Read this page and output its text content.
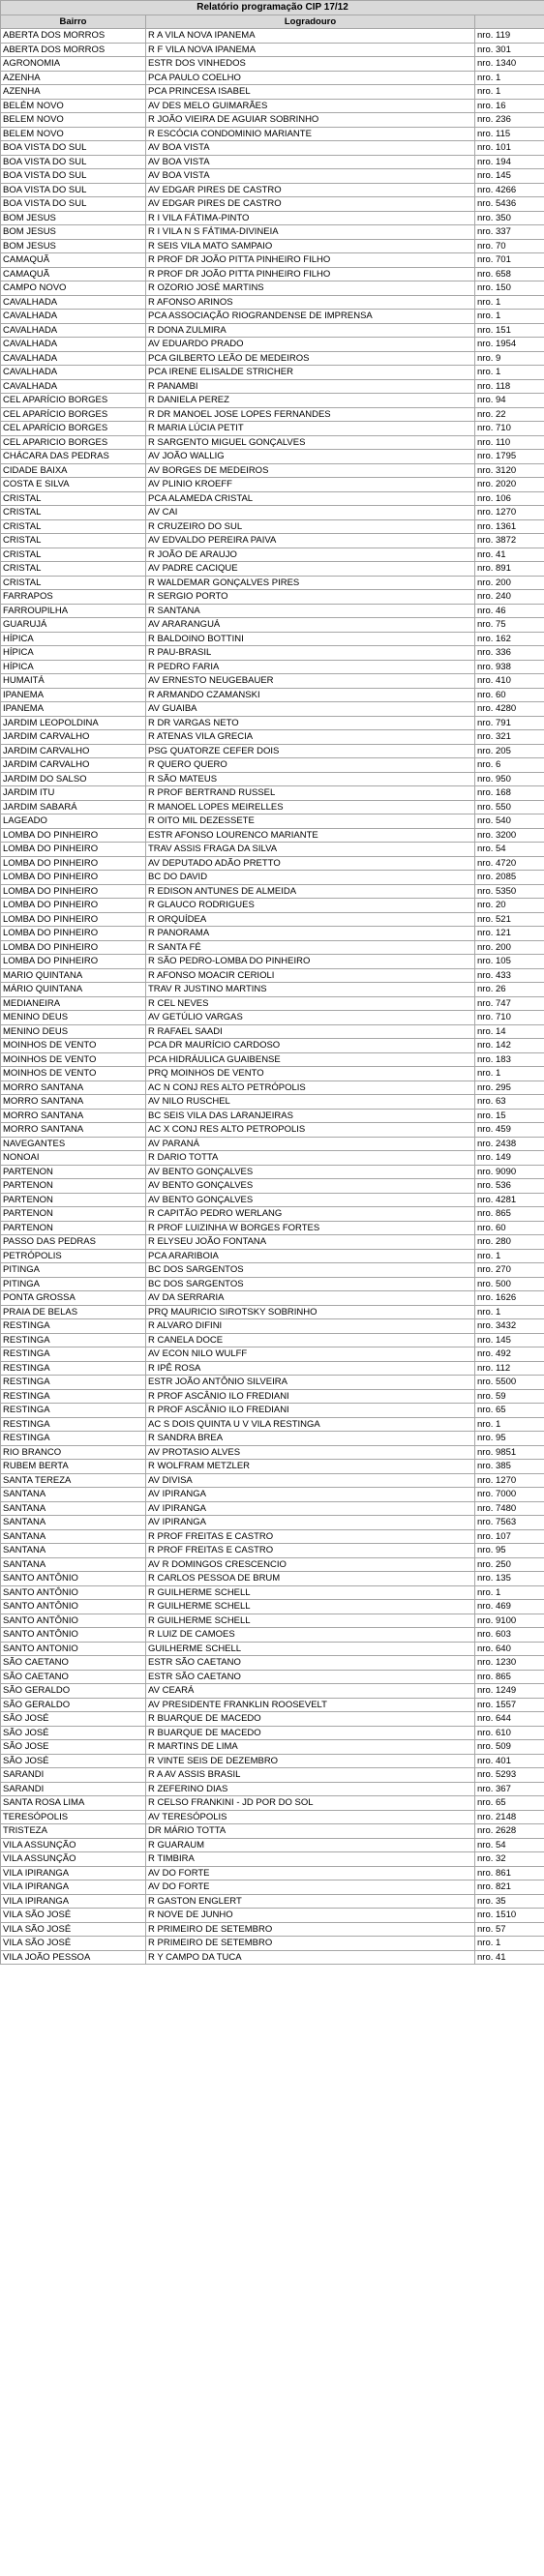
Relatório programação CIP 17/12		
Bairro	Logradouro	
ABERTA DOS MORROS	R A VILA NOVA IPANEMA	nro. 119
ABERTA DOS MORROS	R F VILA NOVA IPANEMA	nro. 301
AGRONOMIA	ESTR DOS VINHEDOS	nro. 1340
AZENHA	PCA PAULO COELHO	nro. 1
AZENHA	PCA PRINCESA ISABEL	nro. 1
BELÉM NOVO	AV DES MELO GUIMARÃES	nro. 16
BELEM NOVO	R JOÃO VIEIRA DE AGUIAR SOBRINHO	nro. 236
BELEM NOVO	R ESCÓCIA CONDOMINIO MARIANTE	nro. 115
BOA VISTA DO SUL	AV BOA VISTA	nro. 101
BOA VISTA DO SUL	AV BOA VISTA	nro. 194
BOA VISTA DO SUL	AV BOA VISTA	nro. 145
BOA VISTA DO SUL	AV EDGAR PIRES DE CASTRO	nro. 4266
BOA VISTA DO SUL	AV EDGAR PIRES DE CASTRO	nro. 5436
BOM JESUS	R I VILA FÁTIMA-PINTO	nro. 350
BOM JESUS	R I VILA N S FÁTIMA-DIVINEIA	nro. 337
BOM JESUS	R SEIS VILA MATO SAMPAIO	nro. 70
CAMAQUÃ	R PROF DR JOÃO PITTA PINHEIRO FILHO	nro. 701
CAMAQUÃ	R PROF DR JOÃO PITTA PINHEIRO FILHO	nro. 658
CAMPO NOVO	R OZORIO JOSÉ MARTINS	nro. 150
CAVALHADA	R AFONSO ARINOS	nro. 1
CAVALHADA	PCA ASSOCIAÇÃO RIOGRANDENSE DE IMPRENSA	nro. 1
CAVALHADA	R DONA ZULMIRA	nro. 151
CAVALHADA	AV EDUARDO PRADO	nro. 1954
CAVALHADA	PCA GILBERTO LEÃO DE MEDEIROS	nro. 9
CAVALHADA	PCA IRENE ELISALDE STRICHER	nro. 1
CAVALHADA	R PANAMBI	nro. 118
CEL APARÍCIO BORGES	R DANIELA PEREZ	nro. 94
CEL APARÍCIO BORGES	R DR MANOEL JOSE LOPES FERNANDES	nro. 22
CEL APARÍCIO BORGES	R MARIA LÚCIA PETIT	nro. 710
CEL APARICIO BORGES	R SARGENTO MIGUEL GONÇALVES	nro. 110
CHÁCARA DAS PEDRAS	AV JOÃO WALLIG	nro. 1795
CIDADE BAIXA	AV BORGES DE MEDEIROS	nro. 3120
COSTA E SILVA	AV PLINIO KROEFF	nro. 2020
CRISTAL	PCA ALAMEDA CRISTAL	nro. 106
CRISTAL	AV CAI	nro. 1270
CRISTAL	R CRUZEIRO DO SUL	nro. 1361
CRISTAL	AV EDVALDO PEREIRA PAIVA	nro. 3872
CRISTAL	R JOÃO DE ARAUJO	nro. 41
CRISTAL	AV PADRE CACIQUE	nro. 891
CRISTAL	R WALDEMAR GONÇALVES PIRES	nro. 200
FARRAPOS	R SERGIO PORTO	nro. 240
FARROUPILHA	R SANTANA	nro. 46
GUARUJÁ	AV ARARANGUÁ	nro. 75
HÍPICA	R BALDOINO BOTTINI	nro. 162
HÍPICA	R PAU-BRASIL	nro. 336
HÍPICA	R PEDRO FARIA	nro. 938
HUMAITÁ	AV ERNESTO NEUGEBAUER	nro. 410
IPANEMA	R ARMANDO CZAMANSKI	nro. 60
IPANEMA	AV GUAIBA	nro. 4280
JARDIM LEOPOLDINA	R DR VARGAS NETO	nro. 791
JARDIM CARVALHO	R ATENAS VILA GRECIA	nro. 321
JARDIM CARVALHO	PSG QUATORZE CEFER DOIS	nro. 205
JARDIM CARVALHO	R QUERO QUERO	nro. 6
JARDIM DO SALSO	R SÃO MATEUS	nro. 950
JARDIM ITU	R PROF BERTRAND RUSSEL	nro. 168
JARDIM SABARÁ	R MANOEL LOPES MEIRELLES	nro. 550
LAGEADO	R OITO MIL DEZESSETE	nro. 540
LOMBA DO PINHEIRO	ESTR AFONSO LOURENCO MARIANTE	nro. 3200
LOMBA DO PINHEIRO	TRAV ASSIS FRAGA DA SILVA	nro. 54
LOMBA DO PINHEIRO	AV DEPUTADO ADÃO PRETTO	nro. 4720
LOMBA DO PINHEIRO	BC DO DAVID	nro. 2085
LOMBA DO PINHEIRO	R EDISON ANTUNES DE ALMEIDA	nro. 5350
LOMBA DO PINHEIRO	R GLAUCO RODRIGUES	nro. 20
LOMBA DO PINHEIRO	R ORQUÍDEA	nro. 521
LOMBA DO PINHEIRO	R PANORAMA	nro. 121
LOMBA DO PINHEIRO	R SANTA FÉ	nro. 200
LOMBA DO PINHEIRO	R SÃO PEDRO-LOMBA DO PINHEIRO	nro. 105
MARIO QUINTANA	R AFONSO MOACIR CERIOLI	nro. 433
MÁRIO QUINTANA	TRAV R JUSTINO MARTINS	nro. 26
MEDIANEIRA	R CEL NEVES	nro. 747
MENINO DEUS	AV GETÚLIO VARGAS	nro. 710
MENINO DEUS	R RAFAEL SAADI	nro. 14
MOINHOS DE VENTO	PCA DR MAURÍCIO CARDOSO	nro. 142
MOINHOS DE VENTO	PCA HIDRÁULICA GUAIBENSE	nro. 183
MOINHOS DE VENTO	PRQ MOINHOS DE VENTO	nro. 1
MORRO SANTANA	AC N CONJ RES ALTO PETRÓPOLIS	nro. 295
MORRO SANTANA	AV NILO RUSCHEL	nro. 63
MORRO SANTANA	BC SEIS VILA DAS LARANJEIRAS	nro. 15
MORRO SANTANA	AC X CONJ RES ALTO PETROPOLIS	nro. 459
NAVEGANTES	AV PARANÁ	nro. 2438
NONOAI	R DARIO TOTTA	nro. 149
PARTENON	AV BENTO GONÇALVES	nro. 9090
PARTENON	AV BENTO GONÇALVES	nro. 536
PARTENON	AV BENTO GONÇALVES	nro. 4281
PARTENON	R CAPITÃO PEDRO WERLANG	nro. 865
PARTENON	R PROF LUIZINHA W BORGES FORTES	nro. 60
PASSO DAS PEDRAS	R ELYSEU JOÃO FONTANA	nro. 280
PETRÓPOLIS	PCA ARARIBOIA	nro. 1
PITINGA	BC DOS SARGENTOS	nro. 270
PITINGA	BC DOS SARGENTOS	nro. 500
PONTA GROSSA	AV DA SERRARIA	nro. 1626
PRAIA DE BELAS	PRQ MAURICIO SIROTSKY SOBRINHO	nro. 1
RESTINGA	R ALVARO DIFINI	nro. 3432
RESTINGA	R CANELA DOCE	nro. 145
RESTINGA	AV ECON NILO WULFF	nro. 492
RESTINGA	R IPÊ ROSA	nro. 112
RESTINGA	ESTR JOÃO ANTÔNIO SILVEIRA	nro. 5500
RESTINGA	R PROF ASCÂNIO ILO FREDIANI	nro. 59
RESTINGA	R PROF ASCÂNIO ILO FREDIANI	nro. 65
RESTINGA	AC S DOIS QUINTA U V VILA RESTINGA	nro. 1
RESTINGA	R SANDRA BREA	nro. 95
RIO BRANCO	AV PROTASIO ALVES	nro. 9851
RUBEM BERTA	R WOLFRAM METZLER	nro. 385
SANTA TEREZA	AV DIVISA	nro. 1270
SANTANA	AV IPIRANGA	nro. 7000
SANTANA	AV IPIRANGA	nro. 7480
SANTANA	AV IPIRANGA	nro. 7563
SANTANA	R PROF FREITAS E CASTRO	nro. 107
SANTANA	R PROF FREITAS E CASTRO	nro. 95
SANTANA	AV R DOMINGOS CRESCENCIO	nro. 250
SANTO ANTÔNIO	R CARLOS PESSOA DE BRUM	nro. 135
SANTO ANTÔNIO	R GUILHERME SCHELL	nro. 1
SANTO ANTÔNIO	R GUILHERME SCHELL	nro. 469
SANTO ANTÔNIO	R GUILHERME SCHELL	nro. 9100
SANTO ANTÔNIO	R LUIZ DE CAMOES	nro. 603
SANTO ANTONIO	GUILHERME SCHELL	nro. 640
SÃO CAETANO	ESTR SÃO CAETANO	nro. 1230
SÃO CAETANO	ESTR SÃO CAETANO	nro. 865
SÃO GERALDO	AV CEARÁ	nro. 1249
SÃO GERALDO	AV PRESIDENTE FRANKLIN ROOSEVELT	nro. 1557
SÃO JOSÉ	R BUARQUE DE MACEDO	nro. 644
SÃO JOSÉ	R BUARQUE DE MACEDO	nro. 610
SÃO JOSE	R MARTINS DE LIMA	nro. 509
SÃO JOSÉ	R VINTE SEIS DE DEZEMBRO	nro. 401
SARANDI	R A AV ASSIS BRASIL	nro. 5293
SARANDI	R ZEFERINO DIAS	nro. 367
SANTA ROSA LIMA	R CELSO FRANKINI - JD POR DO SOL	nro. 65
TERESÓPOLIS	AV TERESÓPOLIS	nro. 2148
TRISTEZA	DR MÁRIO TOTTA	nro. 2628
VILA ASSUNÇÃO	R GUARAUM	nro. 54
VILA ASSUNÇÃO	R TIMBIRA	nro. 32
VILA IPIRANGA	AV DO FORTE	nro. 861
VILA IPIRANGA	AV DO FORTE	nro. 821
VILA IPIRANGA	R GASTON ENGLERT	nro. 35
VILA SÃO JOSÉ	R NOVE DE JUNHO	nro. 1510
VILA SÃO JOSÉ	R PRIMEIRO DE SETEMBRO	nro. 57
VILA SÃO JOSÉ	R PRIMEIRO DE SETEMBRO	nro. 1
VILA JOÃO PESSOA	R Y CAMPO DA TUCA	nro. 41
